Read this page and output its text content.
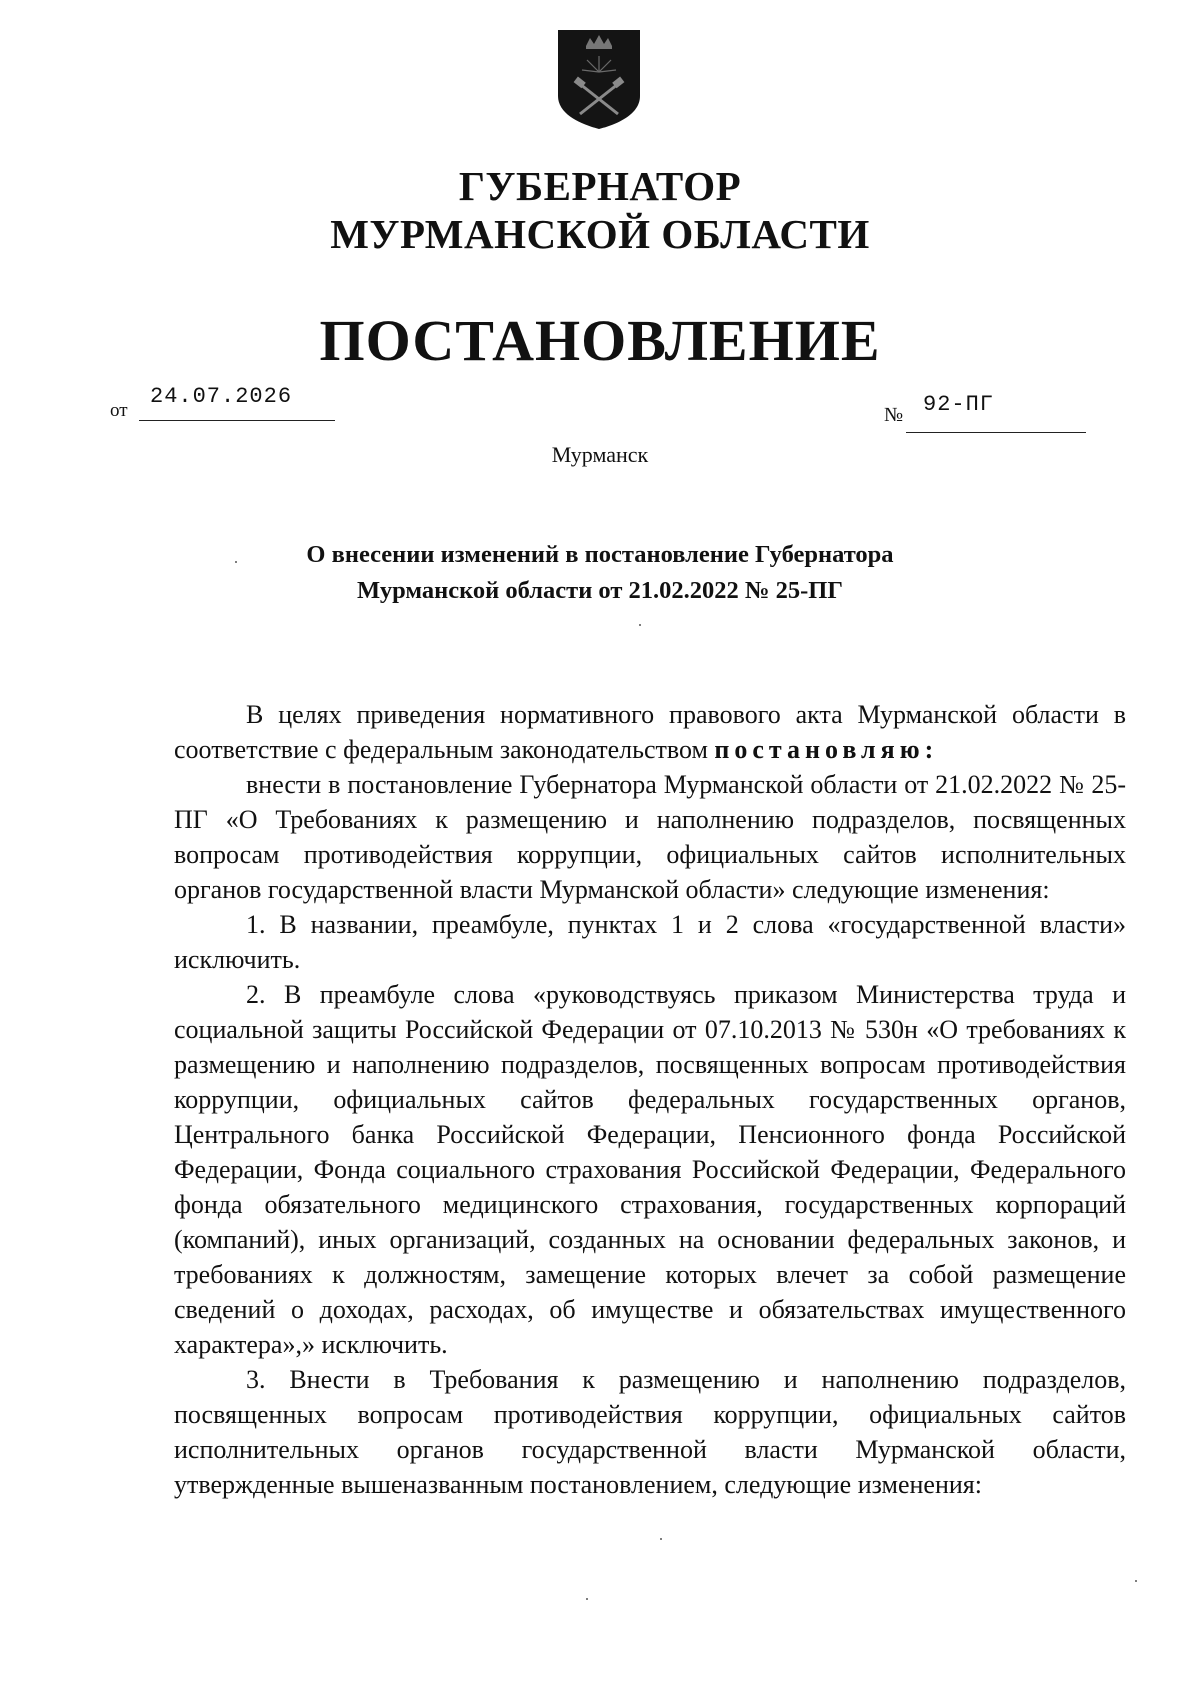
ГУБЕРНАТОР
МУРМАНСКОЙ ОБЛАСТИ
ПОСТАНОВЛЕНИЕ
от
24.07.2026
№ 92-ПГ
Мурманск
О внесении изменений в постановление Губернатора
Мурманской области от 21.02.2022 № 25-ПГ

В целях приведения нормативного правового акта Мурманской области в соответствие с федеральным законодательством постановляю:

внести в постановление Губернатора Мурманской области от 21.02.2022 № 25-ПГ «О Требованиях к размещению и наполнению подразделов, посвященных вопросам противодействия коррупции, официальных сайтов исполнительных органов государственной власти Мурманской области» следующие изменения:

1. В названии, преамбуле, пунктах 1 и 2 слова «государственной власти» исключить.

2. В преамбуле слова «руководствуясь приказом Министерства труда и социальной защиты Российской Федерации от 07.10.2013 № 530н «О требованиях к размещению и наполнению подразделов, посвященных вопросам противодействия коррупции, официальных сайтов федеральных государственных органов, Центрального банка Российской Федерации, Пенсионного фонда Российской Федерации, Фонда социального страхования Российской Федерации, Федерального фонда обязательного медицинского страхования, государственных корпораций (компаний), иных организаций, созданных на основании федеральных законов, и требованиях к должностям, замещение которых влечет за собой размещение сведений о доходах, расходах, об имуществе и обязательствах имущественного характера»,» исключить.

3. Внести в Требования к размещению и наполнению подразделов, посвященных вопросам противодействия коррупции, официальных сайтов исполнительных органов государственной власти Мурманской области, утвержденные вышеназванным постановлением, следующие изменения:
